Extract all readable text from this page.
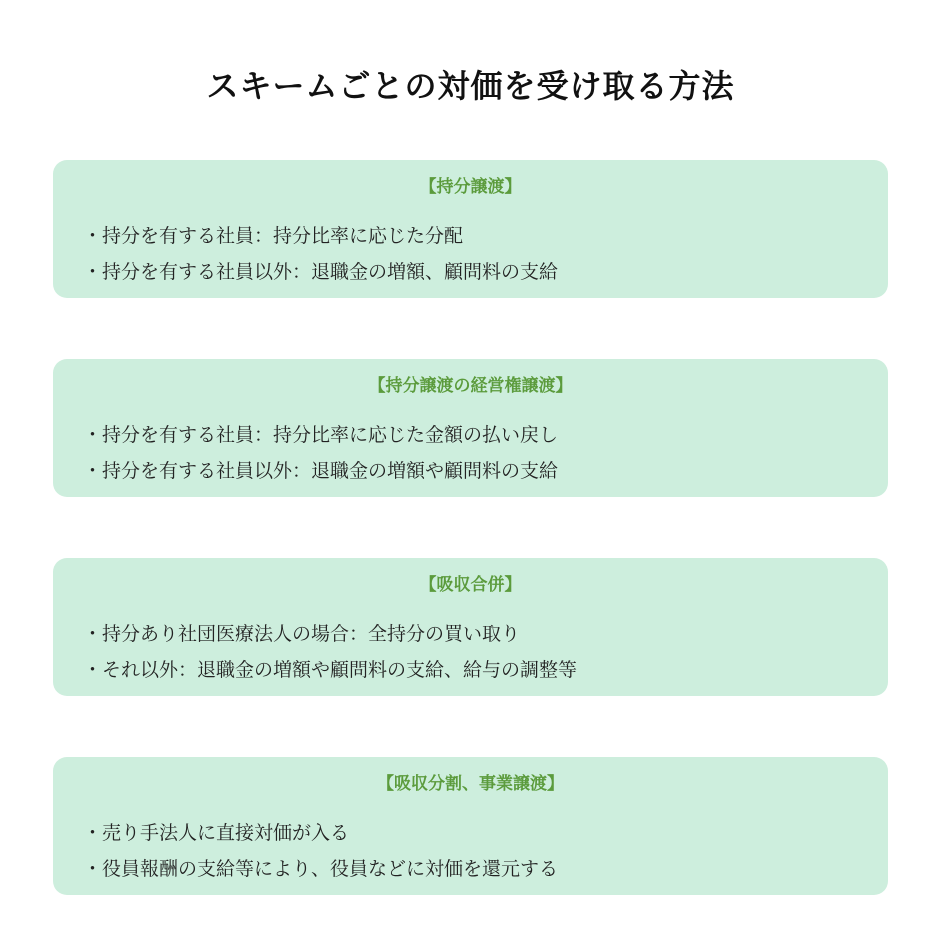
スキームごとの対価を受け取る方法
【持分譲渡】
・持分を有する社員：持分比率に応じた分配
・持分を有する社員以外：退職金の増額、顧問料の支給
【持分譲渡の経営権譲渡】
・持分を有する社員：持分比率に応じた金額の払い戻し
・持分を有する社員以外：退職金の増額や顧問料の支給
【吸収合併】
・持分あり社団医療法人の場合：全持分の買い取り
・それ以外：退職金の増額や顧問料の支給、給与の調整等
【吸収分割、事業譲渡】
・売り手法人に直接対価が入る
・役員報酬の支給等により、役員などに対価を還元する
